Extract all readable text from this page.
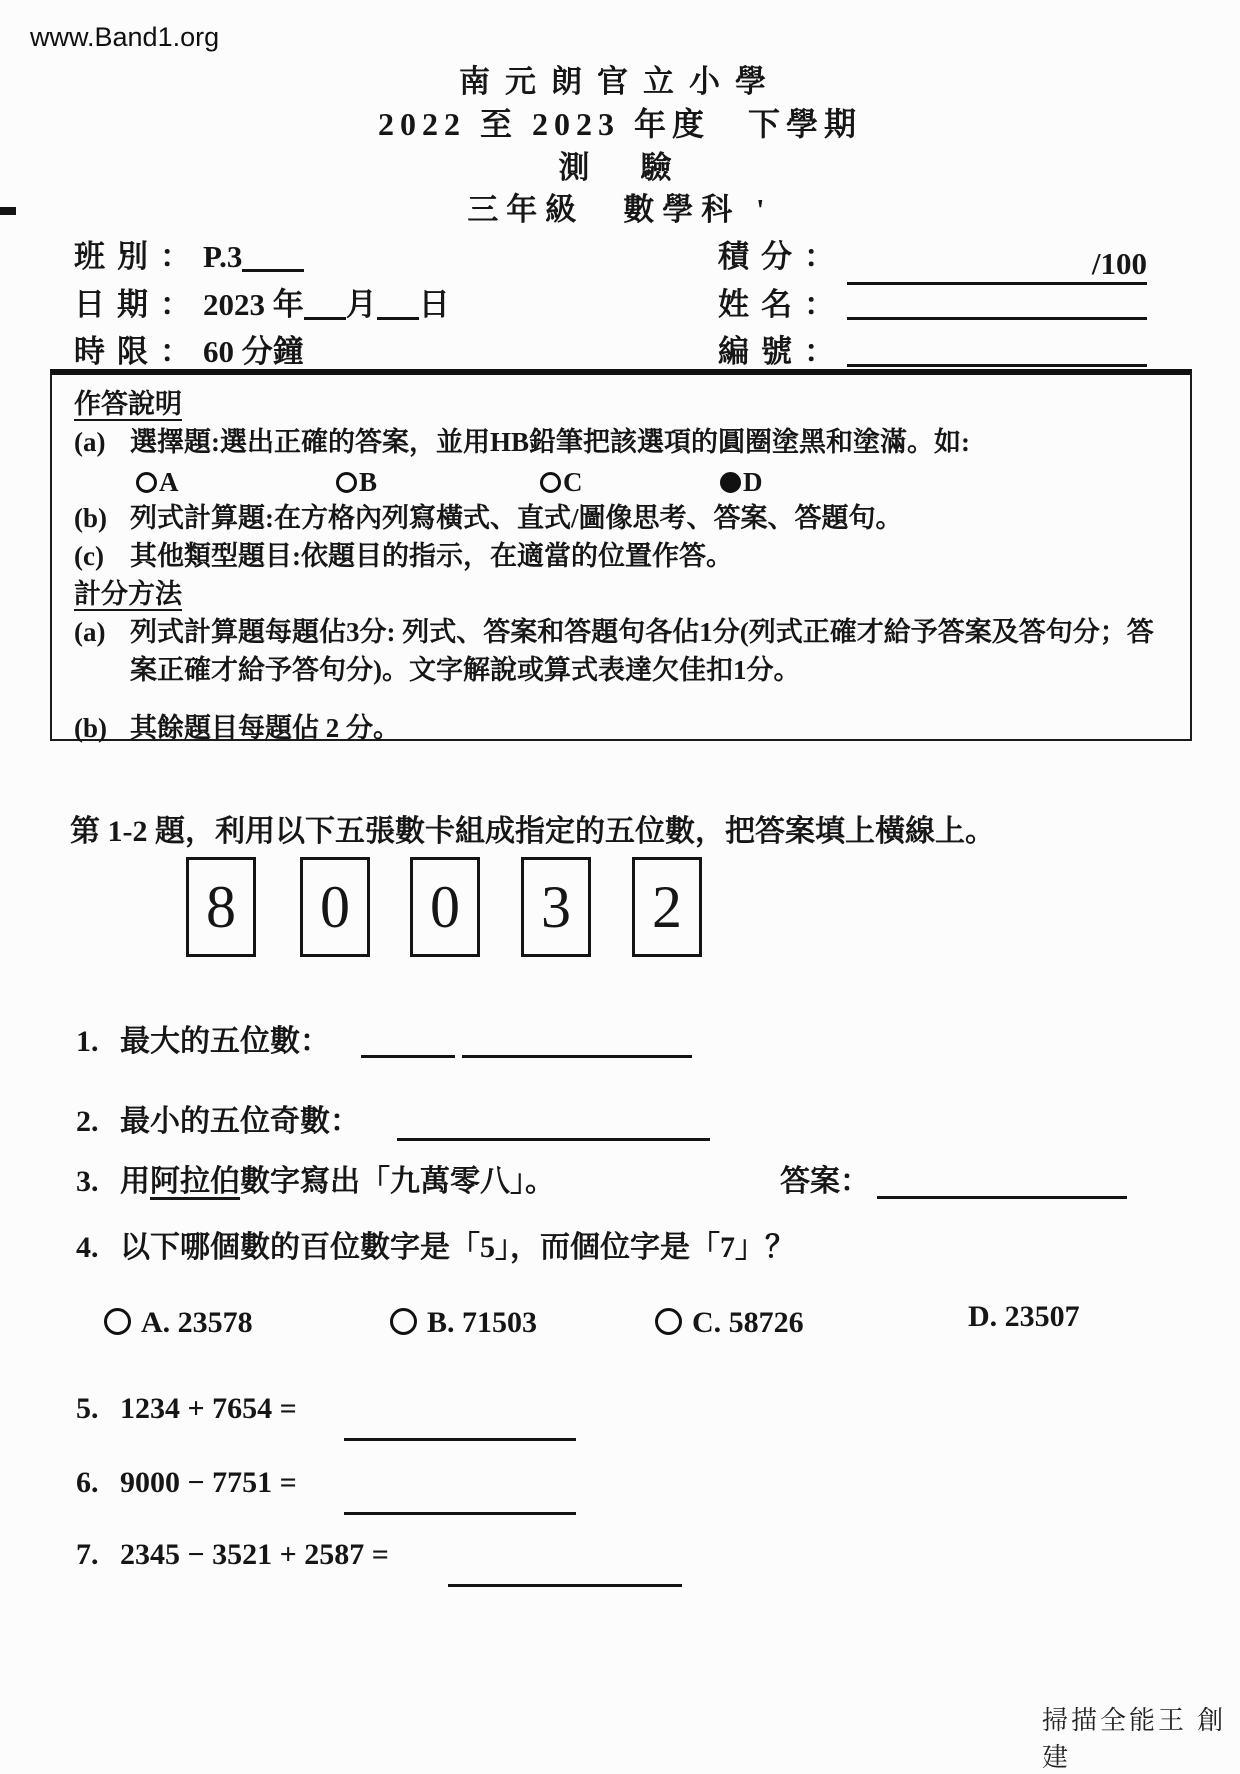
www.Band1.org
南元朗官立小學
2022 至 2023 年度　下學期
測　驗
三年級　數學科 '
班別：P.3
日期：2023 年 月 日
時限：60 分鐘
積分：	/100
姓名：
編號：
作答說明
(a) 選擇題:選出正確的答案，並用HB鉛筆把該選項的圓圈塗黑和塗滿。如:
A	B	C	D
(b) 列式計算題:在方格內列寫橫式、直式/圖像思考、答案、答題句。
(c) 其他類型題目:依題目的指示，在適當的位置作答。
計分方法
(a) 列式計算題每題佔3分: 列式、答案和答題句各佔1分(列式正確才給予答案及答句分；答案正確才給予答句分)。文字解說或算式表達欠佳扣1分。
(b) 其餘題目每題佔 2 分。
第 1-2 題，利用以下五張數卡組成指定的五位數，把答案填上橫線上。
8	0	0	3	2
1. 最大的五位數：
2. 最小的五位奇數：
3. 用阿拉伯數字寫出「九萬零八」。	答案：
4. 以下哪個數的百位數字是「5」，而個位字是「7」？
A. 23578	B. 71503	C. 58726	D. 23507
5. 1234 + 7654 =
6. 9000 − 7751 =
7. 2345 − 3521 + 2587 =
掃描全能王 創建
